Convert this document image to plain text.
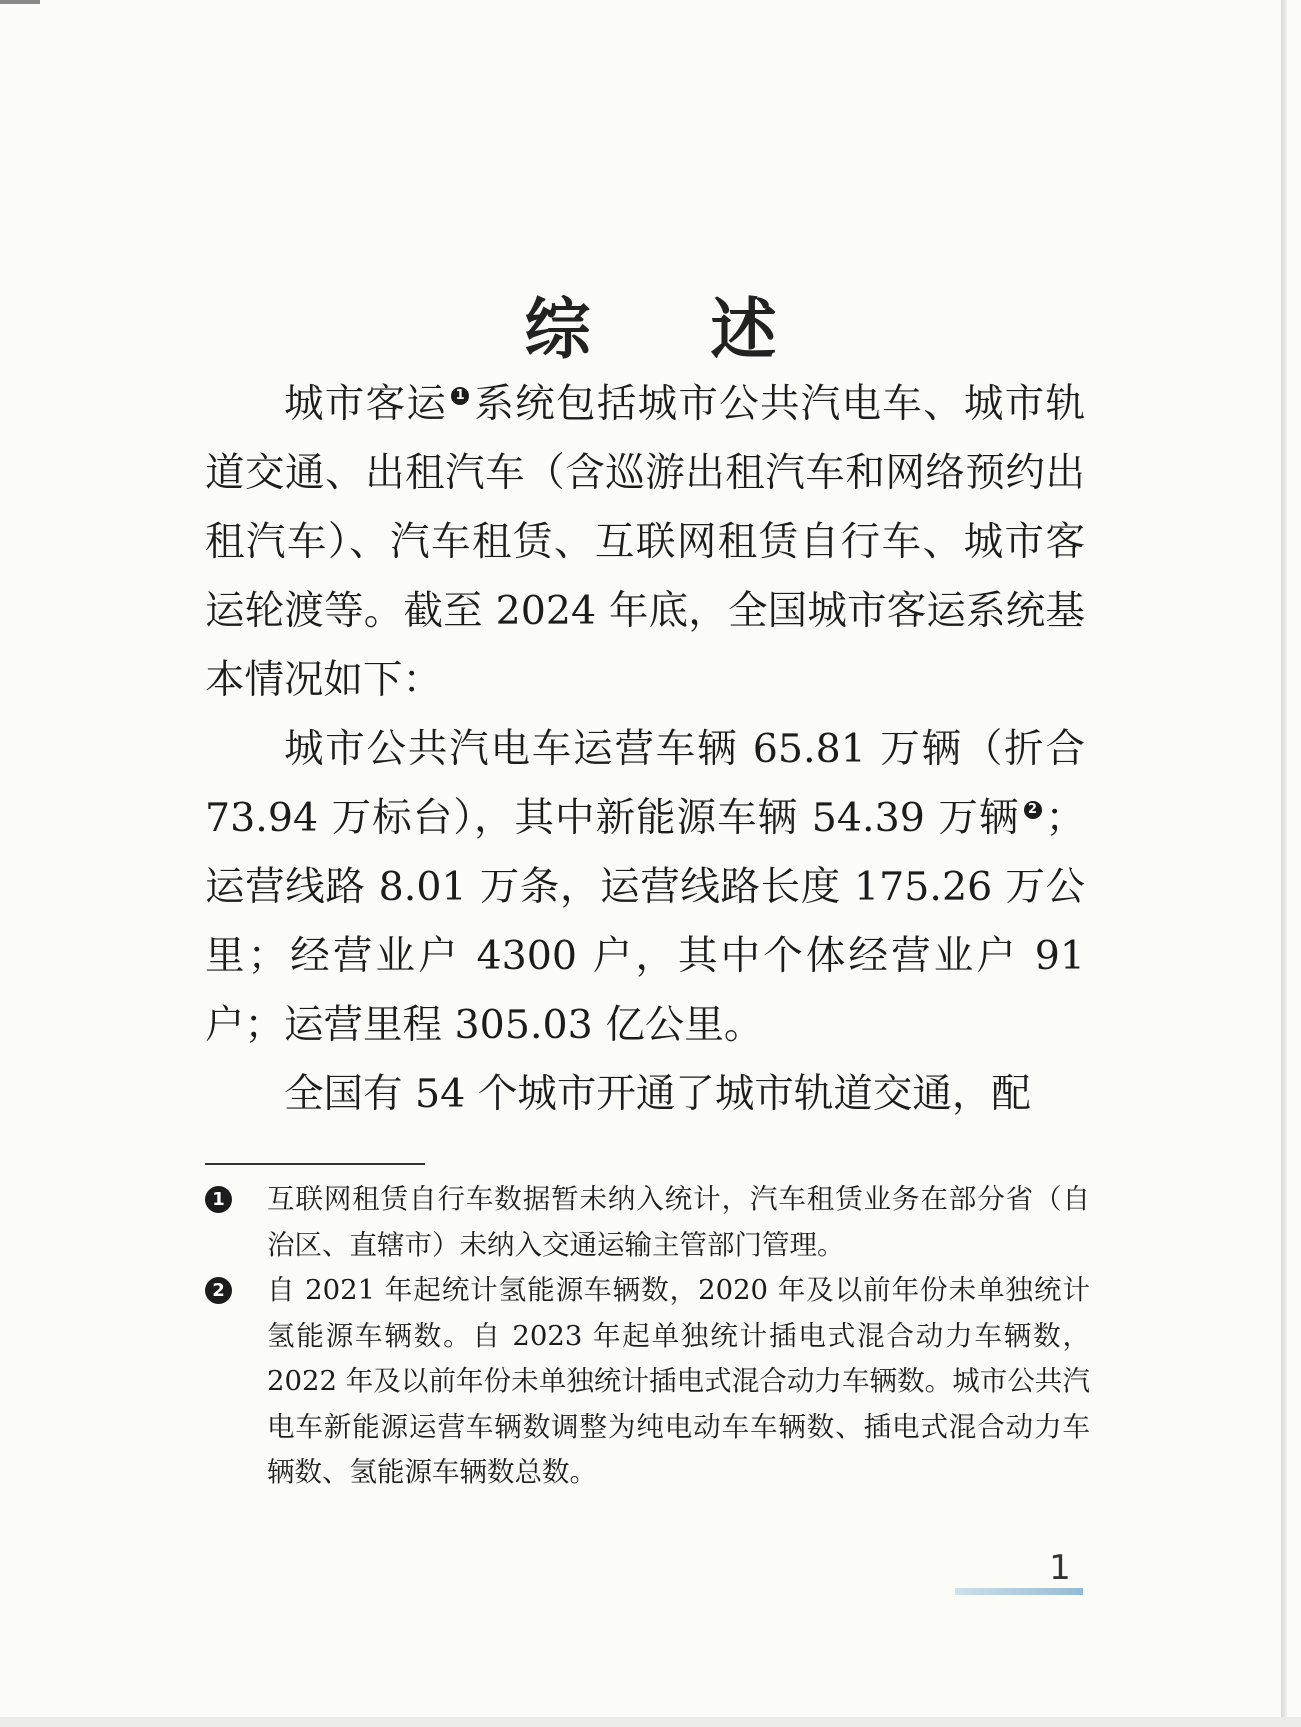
综 述

城市客运 1 系统包括城市公共汽电车、城市轨道交通、出租汽车（含巡游出租汽车和网络预约出租汽车）、汽车租赁、互联网租赁自行车、城市客运轮渡等。截至 2024 年底，全国城市客运系统基本情况如下：

城市公共汽电车运营车辆 65.81 万辆（折合 73.94 万标台），其中新能源车辆 54.39 万辆 2 ；运营线路 8.01 万条，运营线路长度 175.26 万公里；经营业户 4300 户，其中个体经营业户 91 户；运营里程 305.03 亿公里。

全国有 54 个城市开通了城市轨道交通，配

1 互联网租赁自行车数据暂未纳入统计，汽车租赁业务在部分省（自治区、直辖市）未纳入交通运输主管部门管理。

2 自 2021 年起统计氢能源车辆数，2020 年及以前年份未单独统计氢能源车辆数。自 2023 年起单独统计插电式混合动力车辆数，2022 年及以前年份未单独统计插电式混合动力车辆数。城市公共汽电车新能源运营车辆数调整为纯电动车车辆数、插电式混合动力车辆数、氢能源车辆数总数。

1
